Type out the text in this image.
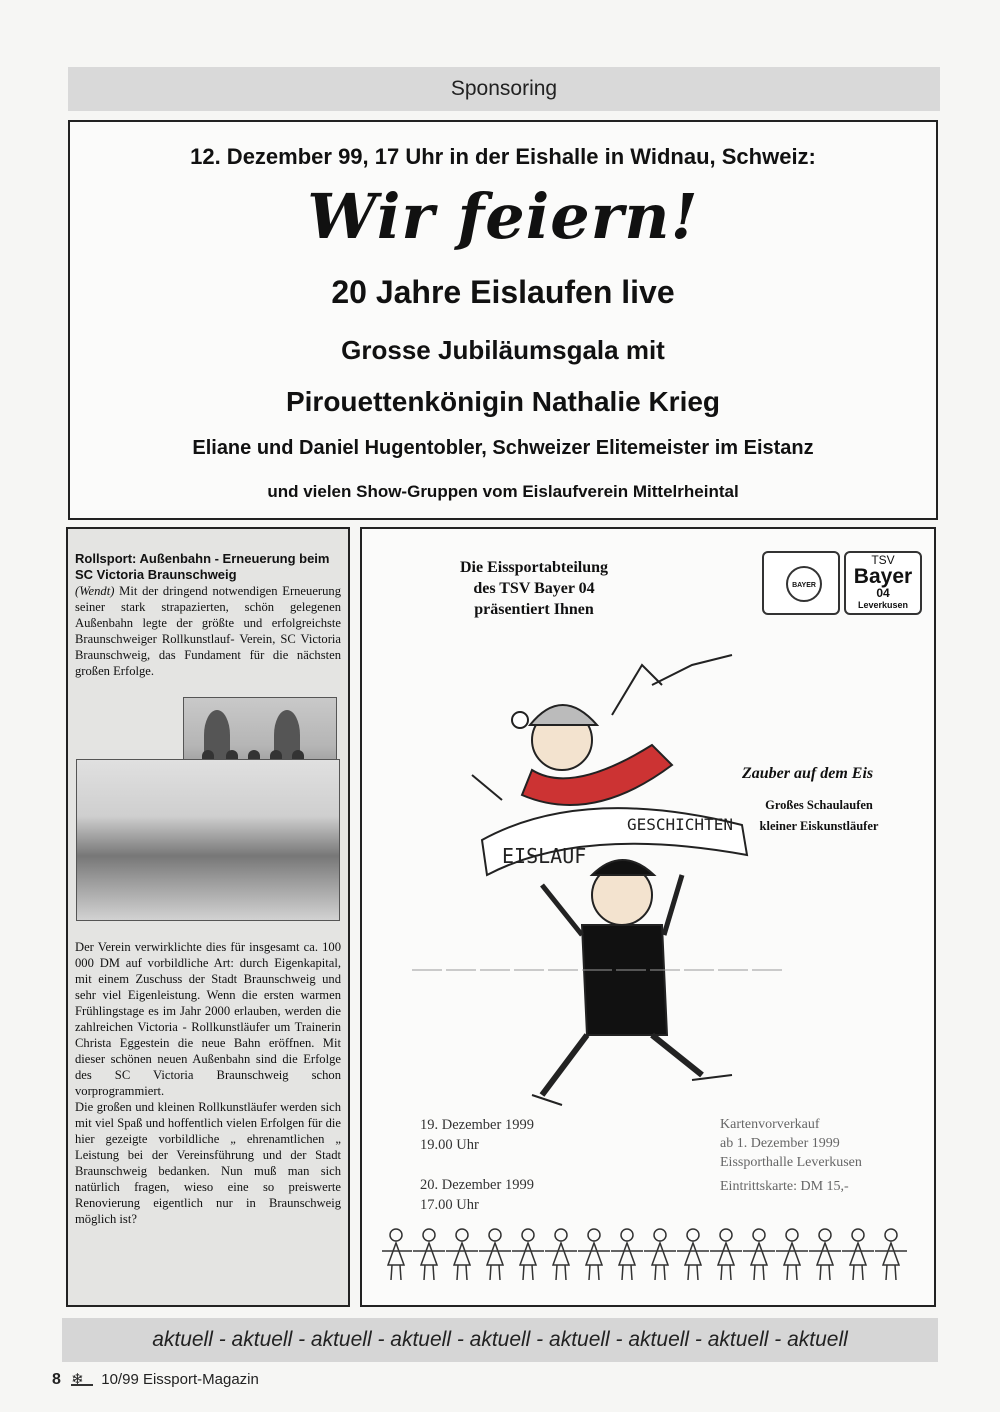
Sponsoring
12. Dezember 99, 17 Uhr in der Eishalle in Widnau, Schweiz:
Wir feiern!
20 Jahre Eislaufen live
Grosse Jubiläumsgala mit
Pirouettenkönigin Nathalie Krieg
Eliane und Daniel Hugentobler, Schweizer Elitemeister im Eistanz
und vielen Show-Gruppen vom Eislaufverein Mittelrheintal
Rollsport: Außenbahn - Erneuerung beim SC Victoria Braunschweig
(Wendt) Mit der dringend notwendigen Erneuerung seiner stark strapazierten, schön gelegenen Außenbahn legte der größte und erfolgreichste Braunschweiger Rollkunstlauf- Verein, SC Victoria Braunschweig, das Fundament für die nächsten großen Erfolge.
Der Verein verwirklichte dies für insgesamt ca. 100 000 DM auf vorbildliche Art: durch Eigenkapital, mit einem Zuschuss der Stadt Braunschweig und sehr viel Eigenleistung. Wenn die ersten warmen Frühlingstage es im Jahr 2000 erlauben, werden die zahlreichen Victoria - Rollkunstläufer um Trainerin Christa Eggestein die neue Bahn eröffnen. Mit dieser schönen neuen Außenbahn sind die Erfolge des SC Victoria Braunschweig schon vorprogrammiert.
Die großen und kleinen Rollkunstläufer werden sich mit viel Spaß und hoffentlich vielen Erfolgen für die hier gezeigte vorbildliche „ ehrenamtlichen „ Leistung bei der Vereinsführung und der Stadt Braunschweig bedanken. Nun muß man sich natürlich fragen, wieso eine so preiswerte Renovierung eigentlich nur in Braunschweig möglich ist?
Die Eissportabteilung
des TSV Bayer 04
präsentiert Ihnen
BAYER
TSV
Bayer
04
Leverkusen
EISLAUF
GESCHICHTEN
Zauber auf dem Eis
Großes Schaulaufen
kleiner Eiskunstläufer
19. Dezember 1999
19.00 Uhr
20. Dezember 1999
17.00 Uhr
Kartenvorverkauf
ab 1. Dezember 1999
Eissporthalle Leverkusen
Eintrittskarte: DM 15,-
aktuell - aktuell - aktuell - aktuell - aktuell - aktuell - aktuell - aktuell - aktuell
8 ❄ 10/99 Eissport-Magazin
